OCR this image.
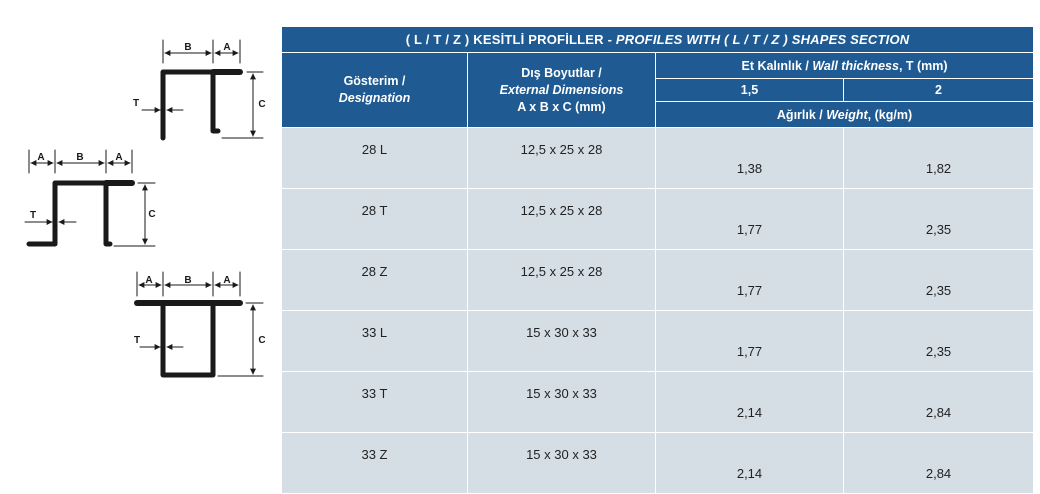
B	A
C
T
A	B	A
C
T
A	B	A
C
T
( L / T / Z ) KESİTLİ PROFİLLER - PROFILES WITH ( L / T / Z ) SHAPES SECTION			
Gösterim /
Designation	Dış Boyutlar /
External Dimensions
A x B x C (mm)	Et Kalınlık / Wall thickness, T (mm)	
		1,5	2
		Ağırlık / Weight, (kg/m)	
28 L	12,5 x 25 x 28	1,38	1,82
28 T	12,5 x 25 x 28	1,77	2,35
28 Z	12,5 x 25 x 28	1,77	2,35
33 L	15 x 30 x 33	1,77	2,35
33 T	15 x 30 x 33	2,14	2,84
33 Z	15 x 30 x 33	2,14	2,84
